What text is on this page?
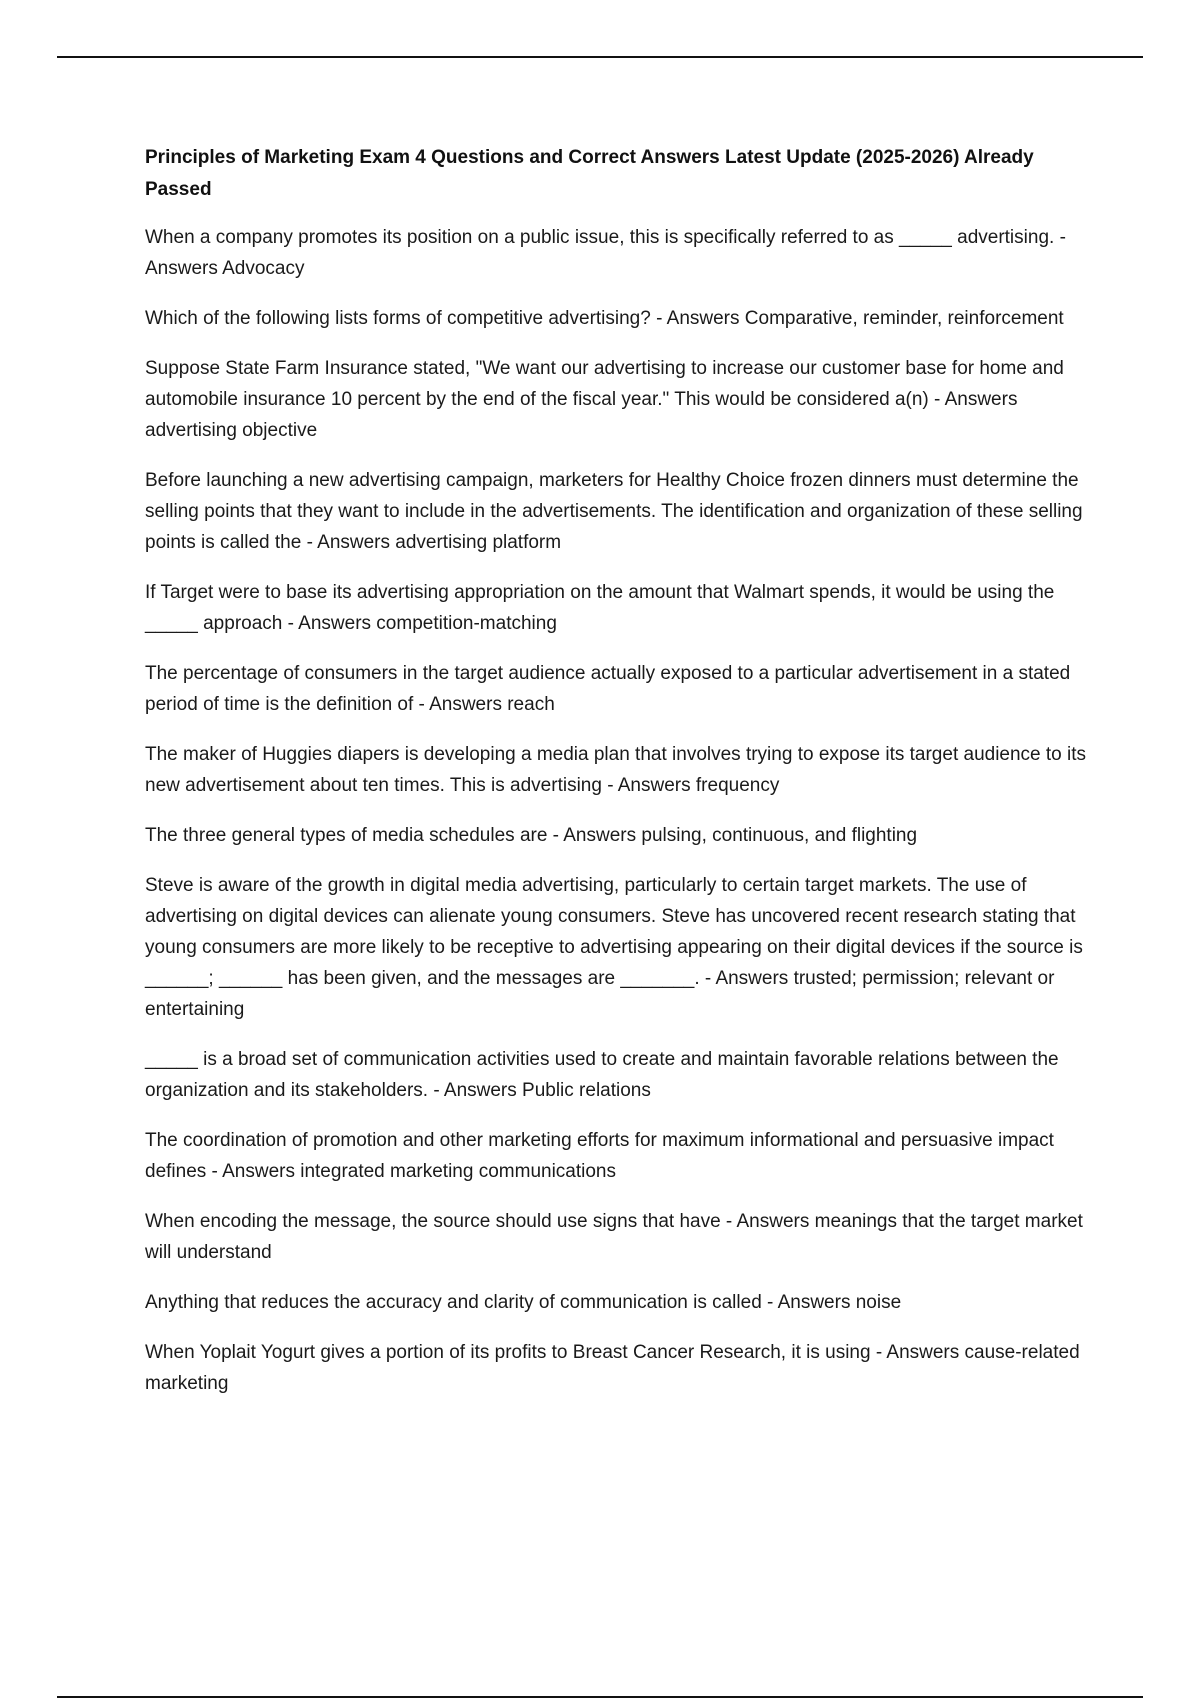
Principles of Marketing Exam 4 Questions and Correct Answers Latest Update (2025-2026) Already Passed
When a company promotes its position on a public issue, this is specifically referred to as _____ advertising. - Answers Advocacy
Which of the following lists forms of competitive advertising? - Answers Comparative, reminder, reinforcement
Suppose State Farm Insurance stated, "We want our advertising to increase our customer base for home and automobile insurance 10 percent by the end of the fiscal year." This would be considered a(n) - Answers advertising objective
Before launching a new advertising campaign, marketers for Healthy Choice frozen dinners must determine the selling points that they want to include in the advertisements. The identification and organization of these selling points is called the - Answers advertising platform
If Target were to base its advertising appropriation on the amount that Walmart spends, it would be using the _____ approach - Answers competition-matching
The percentage of consumers in the target audience actually exposed to a particular advertisement in a stated period of time is the definition of - Answers reach
The maker of Huggies diapers is developing a media plan that involves trying to expose its target audience to its new advertisement about ten times. This is advertising - Answers frequency
The three general types of media schedules are - Answers pulsing, continuous, and flighting
Steve is aware of the growth in digital media advertising, particularly to certain target markets. The use of advertising on digital devices can alienate young consumers. Steve has uncovered recent research stating that young consumers are more likely to be receptive to advertising appearing on their digital devices if the source is ______; ______ has been given, and the messages are _______. - Answers trusted; permission; relevant or entertaining
_____ is a broad set of communication activities used to create and maintain favorable relations between the organization and its stakeholders. - Answers Public relations
The coordination of promotion and other marketing efforts for maximum informational and persuasive impact defines - Answers integrated marketing communications
When encoding the message, the source should use signs that have - Answers meanings that the target market will understand
Anything that reduces the accuracy and clarity of communication is called - Answers noise
When Yoplait Yogurt gives a portion of its profits to Breast Cancer Research, it is using - Answers cause-related marketing
